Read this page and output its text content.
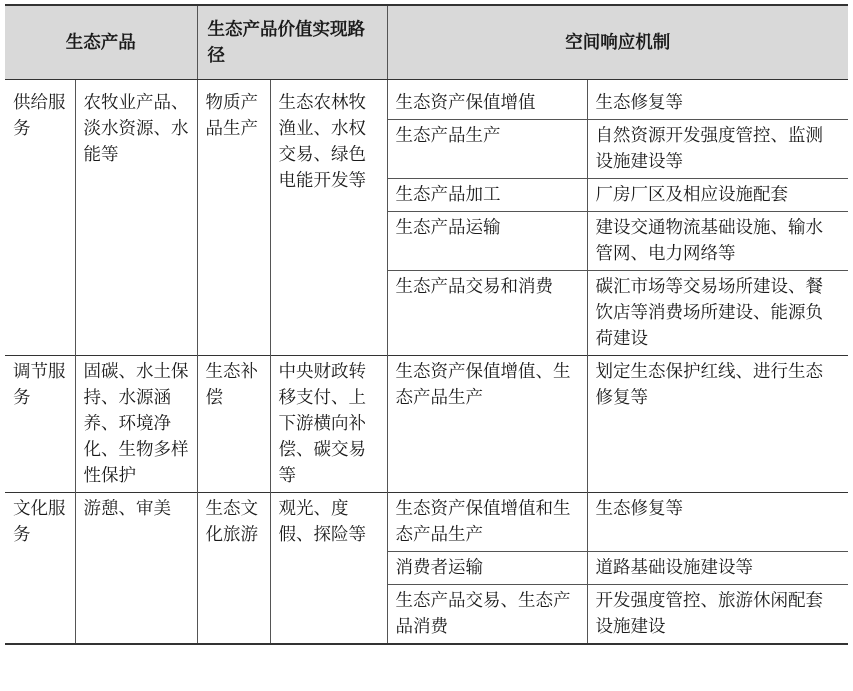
生态产品		生态产品价值实现路径		空间响应机制	
供给服务	农牧业产品、淡水资源、水能等	物质产品生产	生态农林牧渔业、水权交易、绿色电能开发等	生态资产保值增值	生态修复等
				生态产品生产	自然资源开发强度管控、监测设施建设等
				生态产品加工	厂房厂区及相应设施配套
				生态产品运输	建设交通物流基础设施、输水管网、电力网络等
				生态产品交易和消费	碳汇市场等交易场所建设、餐饮店等消费场所建设、能源负荷建设
调节服务	固碳、水土保持、水源涵养、环境净化、生物多样性保护	生态补偿	中央财政转移支付、上下游横向补偿、碳交易等	生态资产保值增值、生态产品生产	划定生态保护红线、进行生态修复等
文化服务	游憩、审美	生态文化旅游	观光、度假、探险等	生态资产保值增值和生态产品生产	生态修复等
				消费者运输	道路基础设施建设等
				生态产品交易、生态产品消费	开发强度管控、旅游休闲配套设施建设
